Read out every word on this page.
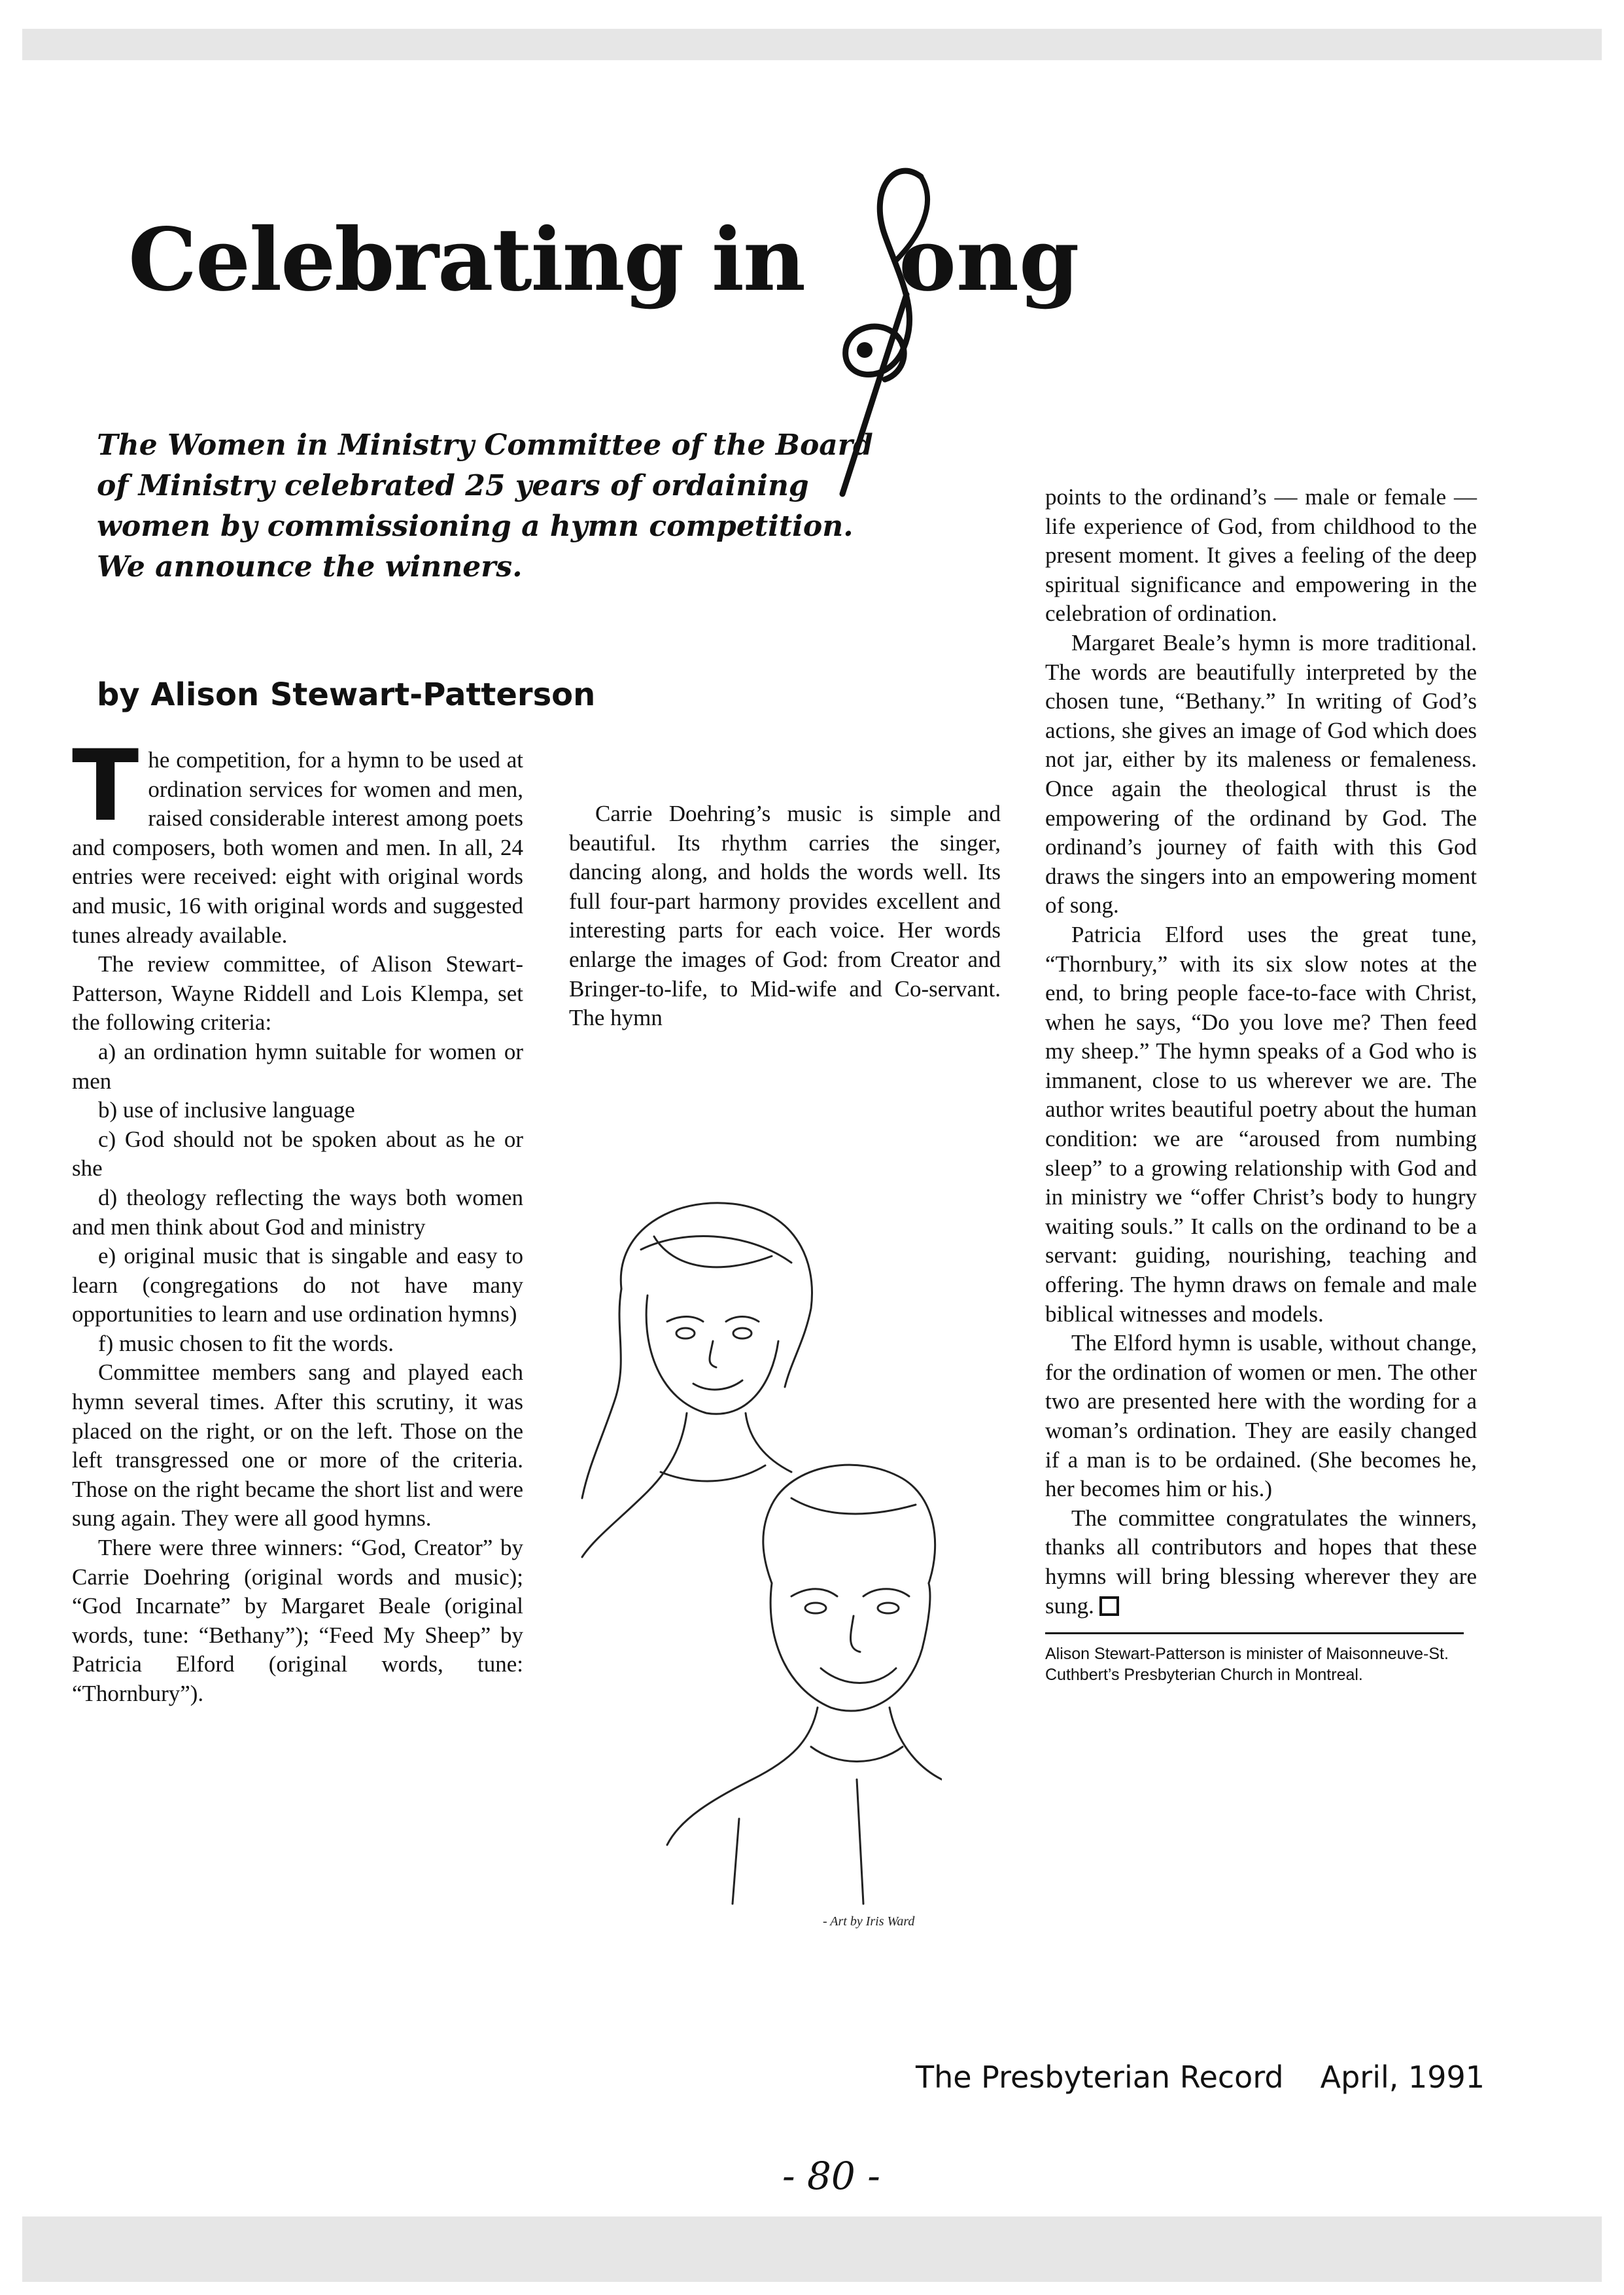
Celebrating in ong

The Women in Ministry Committee of the Board of Ministry celebrated 25 years of ordaining women by commissioning a hymn competition. We announce the winners.

by Alison Stewart-Patterson

T he competition, for a hymn to be used at ordination services for women and men, raised considerable interest among poets and composers, both women and men. In all, 24 entries were received: eight with original words and music, 16 with original words and suggested tunes already available.

The review committee, of Alison Stewart-Patterson, Wayne Riddell and Lois Klempa, set the following criteria:

a) an ordination hymn suitable for women or men

b) use of inclusive language

c) God should not be spoken about as he or she

d) theology reflecting the ways both women and men think about God and ministry

e) original music that is singable and easy to learn (congregations do not have many opportunities to learn and use ordination hymns)

f) music chosen to fit the words.

Committee members sang and played each hymn several times. After this scrutiny, it was placed on the right, or on the left. Those on the left transgressed one or more of the criteria. Those on the right became the short list and were sung again. They were all good hymns.

There were three winners: “God, Creator” by Carrie Doehring (original words and music); “God Incarnate” by Margaret Beale (original words, tune: “Bethany”); “Feed My Sheep” by Patricia Elford (original words, tune: “Thornbury”).

Carrie Doehring’s music is simple and beautiful. Its rhythm carries the singer, dancing along, and holds the words well. Its full four-part harmony provides excellent and interesting parts for each voice. Her words enlarge the images of God: from Creator and Bringer-to-life, to Mid-wife and Co-servant. The hymn

- Art by Iris Ward

points to the ordinand’s — male or female — life experience of God, from childhood to the present moment. It gives a feeling of the deep spiritual significance and empowering in the celebration of ordination.

Margaret Beale’s hymn is more traditional. The words are beautifully interpreted by the chosen tune, “Bethany.” In writing of God’s actions, she gives an image of God which does not jar, either by its maleness or femaleness. Once again the theological thrust is the empowering of the ordinand by God. The ordinand’s journey of faith with this God draws the singers into an empowering moment of song.

Patricia Elford uses the great tune, “Thornbury,” with its six slow notes at the end, to bring people face-to-face with Christ, when he says, “Do you love me? Then feed my sheep.” The hymn speaks of a God who is immanent, close to us wherever we are. The author writes beautiful poetry about the human condition: we are “aroused from numbing sleep” to a growing relationship with God and in ministry we “offer Christ’s body to hungry waiting souls.” It calls on the ordinand to be a servant: guiding, nourishing, teaching and offering. The hymn draws on female and male biblical witnesses and models.

The Elford hymn is usable, without change, for the ordination of women or men. The other two are presented here with the wording for a woman’s ordination. They are easily changed if a man is to be ordained. (She becomes he, her becomes him or his.)

The committee congratulates the winners, thanks all contributors and hopes that these hymns will bring blessing wherever they are sung.

Alison Stewart-Patterson is minister of Maisonneuve-St. Cuthbert’s Presbyterian Church in Montreal.

The Presbyterian Record April, 1991

- 80 -
